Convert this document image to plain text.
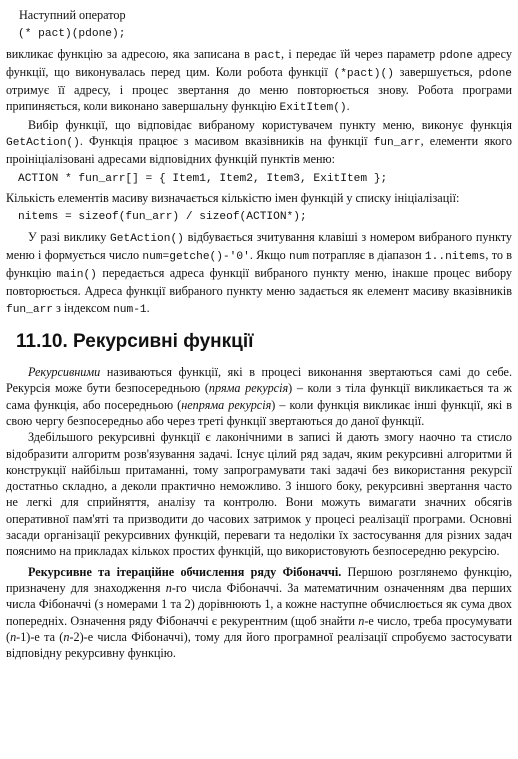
Наступний оператор

(* pact)(pdone);

викликає функцію за адресою, яка записана в pact, і передає їй через параметр pdone адресу функції, що виконувалась перед цим. Коли робота функції (*pact)() завершується, pdone отримує її адресу, і процес звертання до меню повторюється знову. Робота програми припиняється, коли виконано завершальну функцію ExitItem().

Вибір функції, що відповідає вибраному користувачем пункту меню, виконує функція GetAction(). Функція працює з масивом вказівників на функції fun_arr, елементи якого проініціалізовані адресами відповідних функцій пунктів меню:

ACTION * fun_arr[] = { Item1, Item2, Item3, ExitItem };

Кількість елементів масиву визначається кількістю імен функцій у списку ініціалізації:

nitems = sizeof(fun_arr) / sizeof(ACTION*);

У разі виклику GetAction() відбувається зчитування клавіші з номером вибраного пункту меню і формується число num=getche()-'0'. Якщо num потрапляє в діапазон 1..nitems, то в функцію main() передається адреса функції вибраного пункту меню, інакше процес вибору повторюється. Адреса функції вибраного пункту меню задається як елемент масиву вказівників fun_arr з індексом num-1.

11.10. Рекурсивні функції

Рекурсивними називаються функції, які в процесі виконання звертаються самі до себе. Рекурсія може бути безпосередньою (пряма рекурсія) – коли з тіла функції викликається та ж сама функція, або посередньою (непряма рекурсія) – коли функція викликає інші функції, які в свою чергу безпосередньо або через треті функції звертаються до даної функції.

Здебільшого рекурсивні функції є лаконічними в записі й дають змогу наочно та стисло відобразити алгоритм розв'язування задачі. Існує цілий ряд задач, яким рекурсивні алгоритми й конструкції найбільш притаманні, тому запрограмувати такі задачі без використання рекурсії достатньо складно, а деколи практично неможливо. З іншого боку, рекурсивні звертання часто не легкі для сприйняття, аналізу та контролю. Вони можуть вимагати значних обсягів оперативної пам'яті та призводити до часових затримок у процесі реалізації програми. Основні засади організації рекурсивних функцій, переваги та недоліки їх застосування для різних задач пояснимо на прикладах кількох простих функцій, що використовують безпосередню рекурсію.

Рекурсивне та ітераційне обчислення ряду Фібоначчі. Першою розглянемо функцію, призначену для знаходження n-го числа Фібоначчі. За математичним означенням два перших числа Фібоначчі (з номерами 1 та 2) дорівнюють 1, а кожне наступне обчислюється як сума двох попередніх. Означення ряду Фібоначчі є рекурентним (щоб знайти n-е число, треба просумувати (n-1)-е та (n-2)-е числа Фібоначчі), тому для його програмної реалізації спробуємо застосувати відповідну рекурсивну функцію.
